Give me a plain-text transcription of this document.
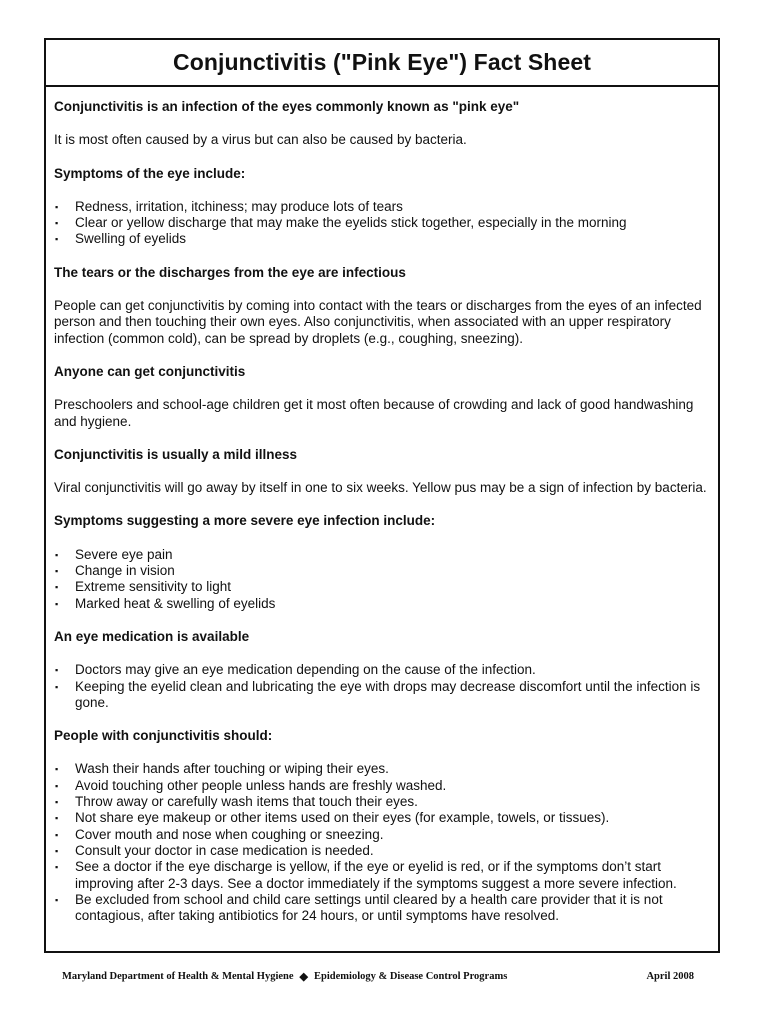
Conjunctivitis ("Pink Eye") Fact Sheet

Conjunctivitis is an infection of the eyes commonly known as "pink eye"

It is most often caused by a virus but can also be caused by bacteria.

Symptoms of the eye include:

▪ Redness, irritation, itchiness; may produce lots of tears
▪ Clear or yellow discharge that may make the eyelids stick together, especially in the morning
▪ Swelling of eyelids

The tears or the discharges from the eye are infectious

People can get conjunctivitis by coming into contact with the tears or discharges from the eyes of an infected person and then touching their own eyes. Also conjunctivitis, when associated with an upper respiratory infection (common cold), can be spread by droplets (e.g., coughing, sneezing).

Anyone can get conjunctivitis

Preschoolers and school-age children get it most often because of crowding and lack of good handwashing and hygiene.

Conjunctivitis is usually a mild illness

Viral conjunctivitis will go away by itself in one to six weeks. Yellow pus may be a sign of infection by bacteria.

Symptoms suggesting a more severe eye infection include:

▪ Severe eye pain
▪ Change in vision
▪ Extreme sensitivity to light
▪ Marked heat & swelling of eyelids

An eye medication is available

▪ Doctors may give an eye medication depending on the cause of the infection.
▪ Keeping the eyelid clean and lubricating the eye with drops may decrease discomfort until the infection is gone.

People with conjunctivitis should:

▪ Wash their hands after touching or wiping their eyes.
▪ Avoid touching other people unless hands are freshly washed.
▪ Throw away or carefully wash items that touch their eyes.
▪ Not share eye makeup or other items used on their eyes (for example, towels, or tissues).
▪ Cover mouth and nose when coughing or sneezing.
▪ Consult your doctor in case medication is needed.
▪ See a doctor if the eye discharge is yellow, if the eye or eyelid is red, or if the symptoms don’t start improving after 2-3 days. See a doctor immediately if the symptoms suggest a more severe infection.
▪ Be excluded from school and child care settings until cleared by a health care provider that it is not contagious, after taking antibiotics for 24 hours, or until symptoms have resolved.
Maryland Department of Health & Mental Hygiene ◆ Epidemiology & Disease Control Programs	April 2008
